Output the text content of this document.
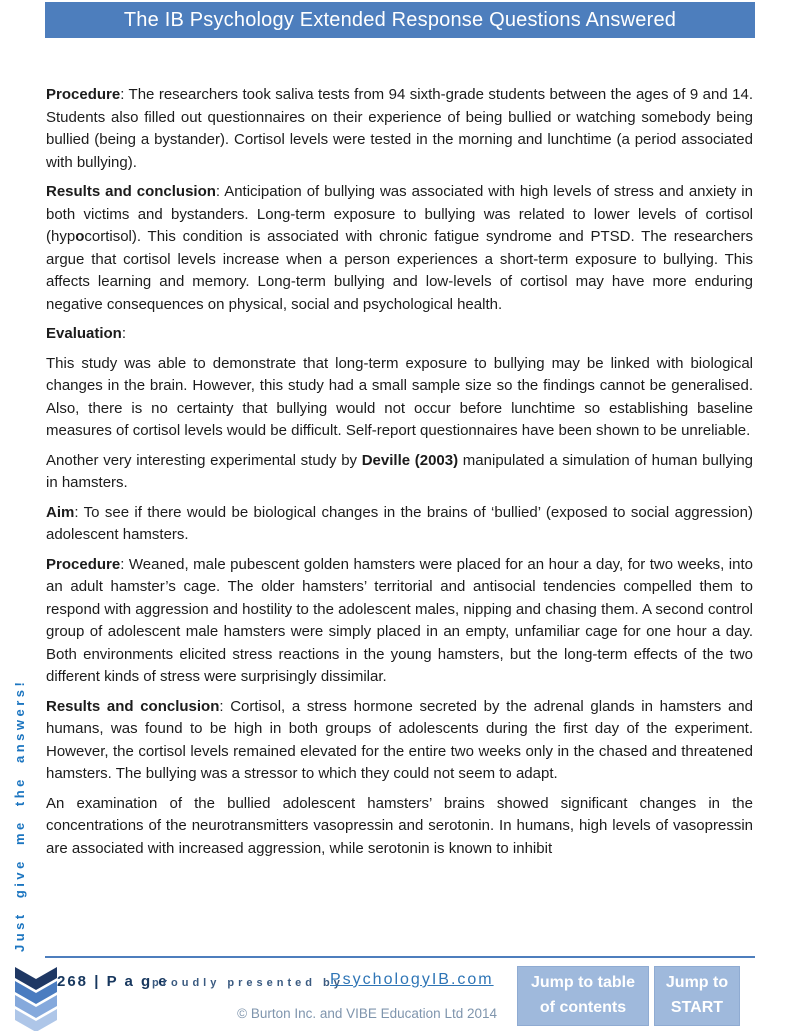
The IB Psychology Extended Response Questions Answered

Procedure: The researchers took saliva tests from 94 sixth-grade students between the ages of 9 and 14. Students also filled out questionnaires on their experience of being bullied or watching somebody being bullied (being a bystander). Cortisol levels were tested in the morning and lunchtime (a period associated with bullying).

Results and conclusion: Anticipation of bullying was associated with high levels of stress and anxiety in both victims and bystanders. Long-term exposure to bullying was related to lower levels of cortisol (hypocortisol). This condition is associated with chronic fatigue syndrome and PTSD. The researchers argue that cortisol levels increase when a person experiences a short-term exposure to bullying. This affects learning and memory. Long-term bullying and low-levels of cortisol may have more enduring negative consequences on physical, social and psychological health.

Evaluation:

This study was able to demonstrate that long-term exposure to bullying may be linked with biological changes in the brain. However, this study had a small sample size so the findings cannot be generalised. Also, there is no certainty that bullying would not occur before lunchtime so establishing baseline measures of cortisol levels would be difficult. Self-report questionnaires have been shown to be unreliable.

Another very interesting experimental study by Deville (2003) manipulated a simulation of human bullying in hamsters.

Aim: To see if there would be biological changes in the brains of ‘bullied’ (exposed to social aggression) adolescent hamsters.

Procedure: Weaned, male pubescent golden hamsters were placed for an hour a day, for two weeks, into an adult hamster’s cage. The older hamsters’ territorial and antisocial tendencies compelled them to respond with aggression and hostility to the adolescent males, nipping and chasing them. A second control group of adolescent male hamsters were simply placed in an empty, unfamiliar cage for one hour a day. Both environments elicited stress reactions in the young hamsters, but the long-term effects of the two different kinds of stress were surprisingly dissimilar.

Results and conclusion: Cortisol, a stress hormone secreted by the adrenal glands in hamsters and humans, was found to be high in both groups of adolescents during the first day of the experiment. However, the cortisol levels remained elevated for the entire two weeks only in the chased and threatened hamsters. The bullying was a stressor to which they could not seem to adapt.

An examination of the bullied adolescent hamsters’ brains showed significant changes in the concentrations of the neurotransmitters vasopressin and serotonin. In humans, high levels of vasopressin are associated with increased aggression, while serotonin is known to inhibit

Just give me the answers!
268 | P a g e
proudly presented by
PsychologyIB.com
© Burton Inc. and VIBE Education Ltd 2014
Jump to table
of contents
Jump to
START
